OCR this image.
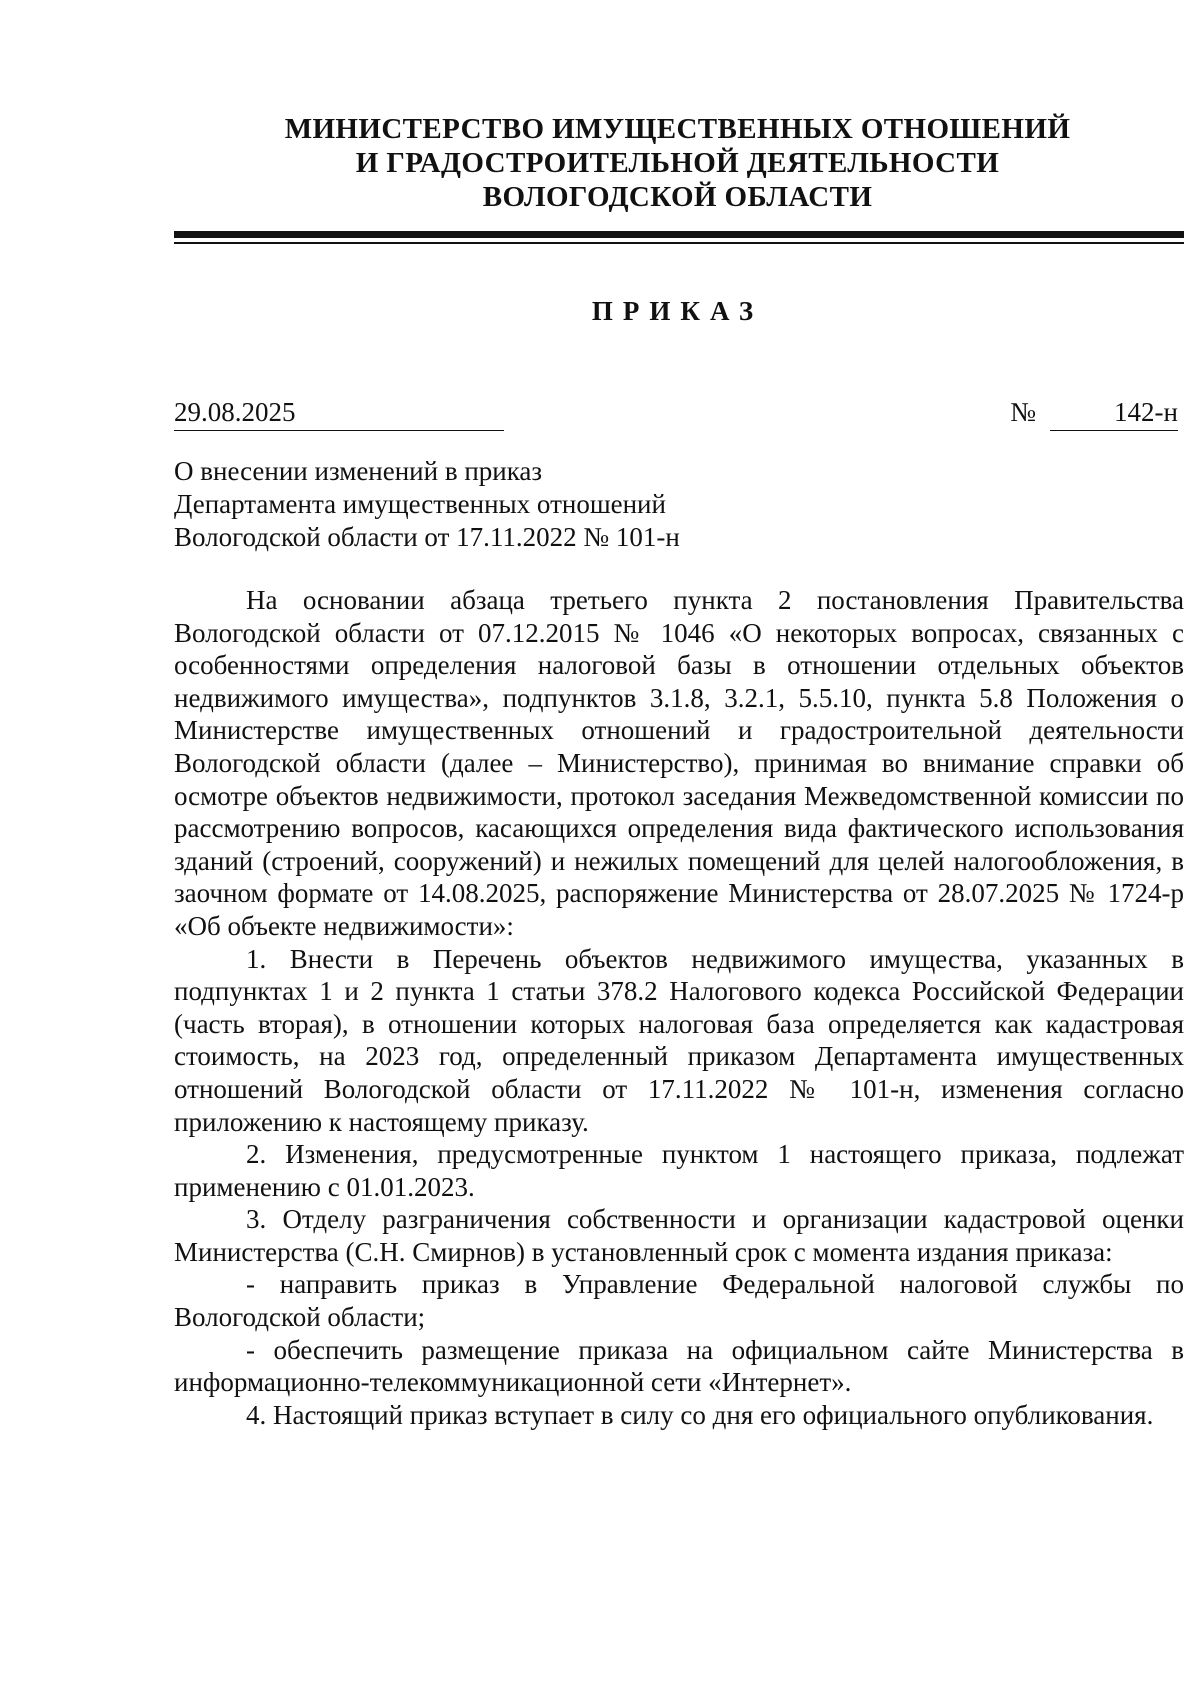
МИНИСТЕРСТВО ИМУЩЕСТВЕННЫХ ОТНОШЕНИЙ
И ГРАДОСТРОИТЕЛЬНОЙ ДЕЯТЕЛЬНОСТИ
ВОЛОГОДСКОЙ ОБЛАСТИ
ПРИКАЗ
29.08.2025	№	142-н
О внесении изменений в приказ
Департамента имущественных отношений
Вологодской области от 17.11.2022 № 101-н

На основании абзаца третьего пункта 2 постановления Правительства Вологодской области от 07.12.2015 № 1046 «О некоторых вопросах, связанных с особенностями определения налоговой базы в отношении отдельных объектов недвижимого имущества», подпунктов 3.1.8, 3.2.1, 5.5.10, пункта 5.8 Положения о Министерстве имущественных отношений и градостроительной деятельности Вологодской области (далее – Министерство), принимая во внимание справки об осмотре объектов недвижимости, протокол заседания Межведомственной комиссии по рассмотрению вопросов, касающихся определения вида фактического использования зданий (строений, сооружений) и нежилых помещений для целей налогообложения, в заочном формате от 14.08.2025, распоряжение Министерства от 28.07.2025 № 1724-р «Об объекте недвижимости»:

1. Внести в Перечень объектов недвижимого имущества, указанных в подпунктах 1 и 2 пункта 1 статьи 378.2 Налогового кодекса Российской Федерации (часть вторая), в отношении которых налоговая база определяется как кадастровая стоимость, на 2023 год, определенный приказом Департамента имущественных отношений Вологодской области от 17.11.2022 № 101-н, изменения согласно приложению к настоящему приказу.

2. Изменения, предусмотренные пунктом 1 настоящего приказа, подлежат применению с 01.01.2023.

3. Отделу разграничения собственности и организации кадастровой оценки Министерства (С.Н. Смирнов) в установленный срок с момента издания приказа:

- направить приказ в Управление Федеральной налоговой службы по Вологодской области;

- обеспечить размещение приказа на официальном сайте Министерства в информационно-телекоммуникационной сети «Интернет».

4. Настоящий приказ вступает в силу со дня его официального опубликования.
